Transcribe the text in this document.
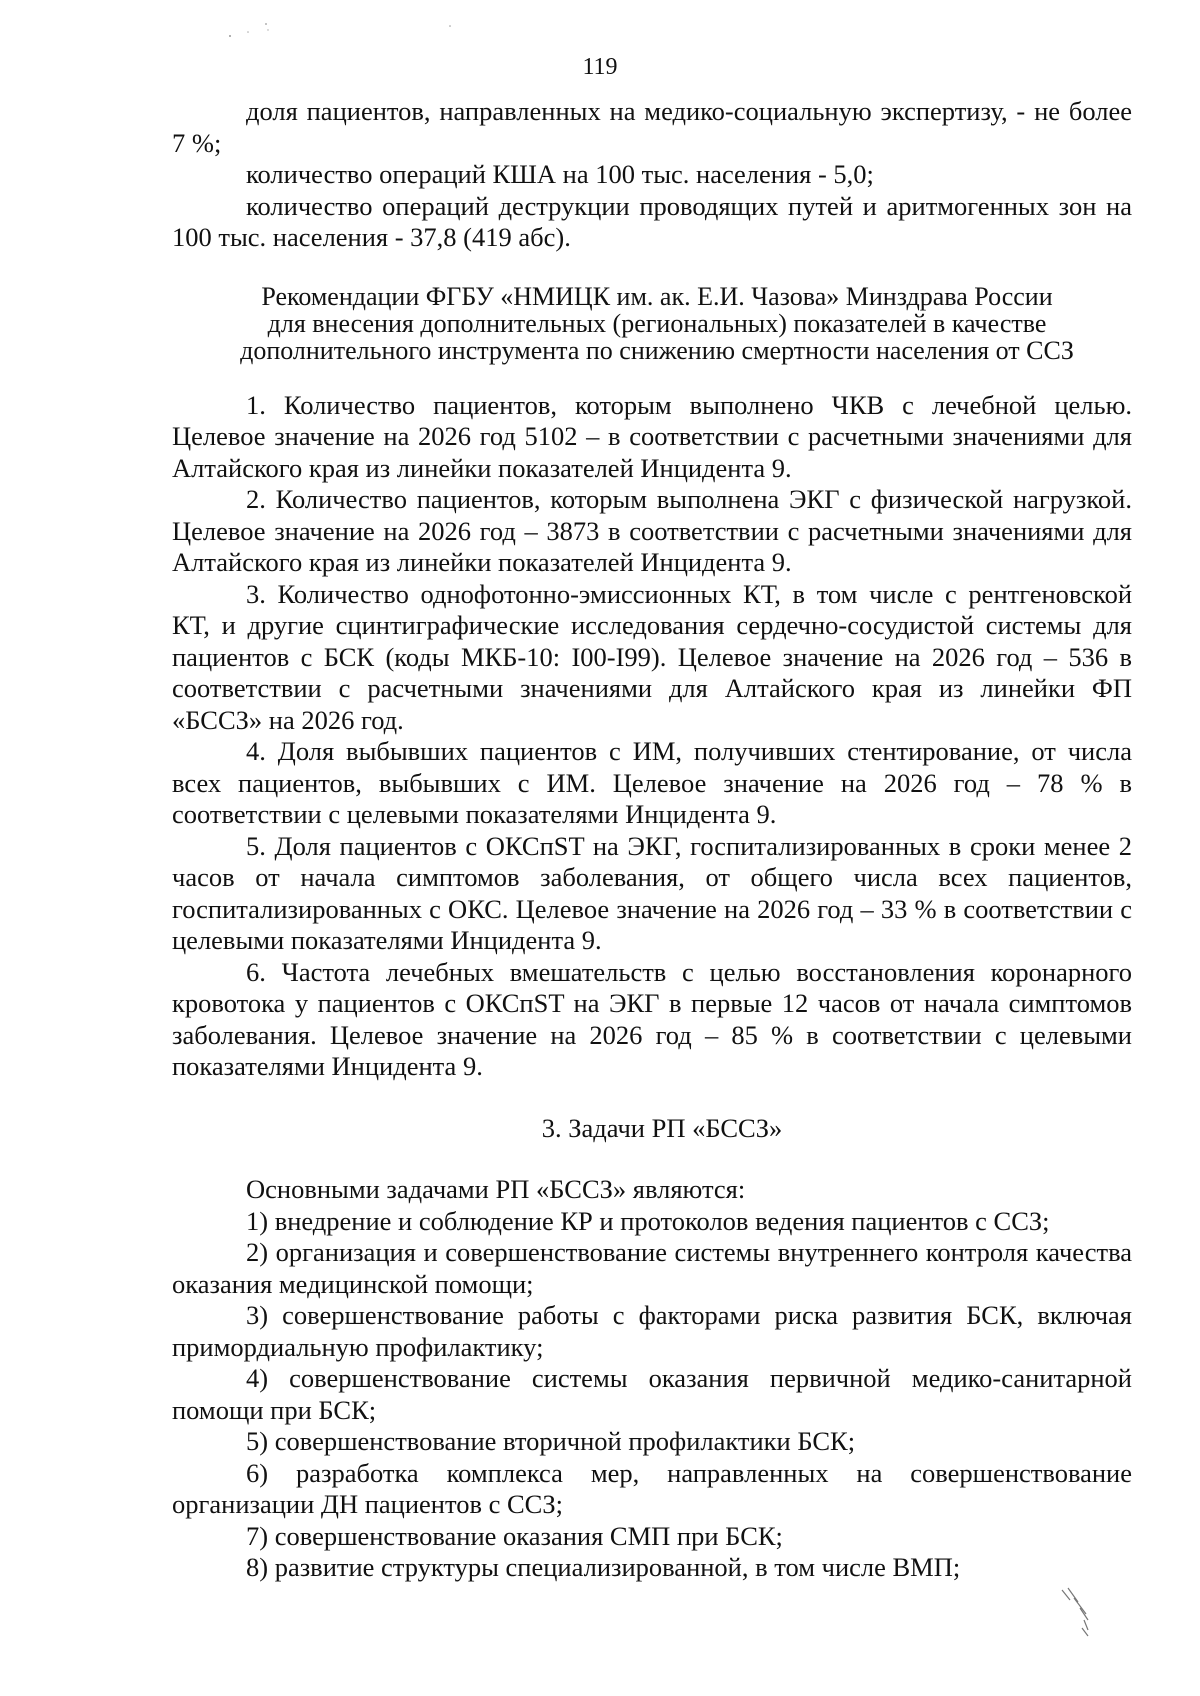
119

доля пациентов, направленных на медико-социальную экспертизу, - не более 7 %;

количество операций КША на 100 тыс. населения - 5,0;

количество операций деструкции проводящих путей и аритмогенных зон на 100 тыс. населения - 37,8 (419 абс).

Рекомендации ФГБУ «НМИЦК им. ак. Е.И. Чазова» Минздрава России

для внесения дополнительных (региональных) показателей в качестве

дополнительного инструмента по снижению смертности населения от ССЗ

1. Количество пациентов, которым выполнено ЧКВ с лечебной целью. Целевое значение на 2026 год 5102 – в соответствии с расчетными значениями для Алтайского края из линейки показателей Инцидента 9.

2. Количество пациентов, которым выполнена ЭКГ с физической нагрузкой. Целевое значение на 2026 год – 3873 в соответствии с расчетными значениями для Алтайского края из линейки показателей Инцидента 9.

3. Количество однофотонно-эмиссионных КТ, в том числе с рентгеновской КТ, и другие сцинтиграфические исследования сердечно-сосудистой системы для пациентов с БСК (коды МКБ-10: I00-I99). Целевое значение на 2026 год – 536 в соответствии с расчетными значениями для Алтайского края из линейки ФП «БССЗ» на 2026 год.

4. Доля выбывших пациентов с ИМ, получивших стентирование, от числа всех пациентов, выбывших с ИМ. Целевое значение на 2026 год – 78 % в соответствии с целевыми показателями Инцидента 9.

5. Доля пациентов с ОКСпST на ЭКГ, госпитализированных в сроки менее 2 часов от начала симптомов заболевания, от общего числа всех пациентов, госпитализированных с ОКС. Целевое значение на 2026 год – 33 % в соответствии с целевыми показателями Инцидента 9.

6. Частота лечебных вмешательств с целью восстановления коронарного кровотока у пациентов с ОКСпST на ЭКГ в первые 12 часов от начала симптомов заболевания. Целевое значение на 2026 год – 85 % в соответствии с целевыми показателями Инцидента 9.

3. Задачи РП «БССЗ»

Основными задачами РП «БССЗ» являются:

1) внедрение и соблюдение КР и протоколов ведения пациентов с ССЗ;

2) организация и совершенствование системы внутреннего контроля качества оказания медицинской помощи;

3) совершенствование работы с факторами риска развития БСК, включая примордиальную профилактику;

4) совершенствование системы оказания первичной медико-санитарной помощи при БСК;

5) совершенствование вторичной профилактики БСК;

6) разработка комплекса мер, направленных на совершенствование организации ДН пациентов с ССЗ;

7) совершенствование оказания СМП при БСК;

8) развитие структуры специализированной, в том числе ВМП;
